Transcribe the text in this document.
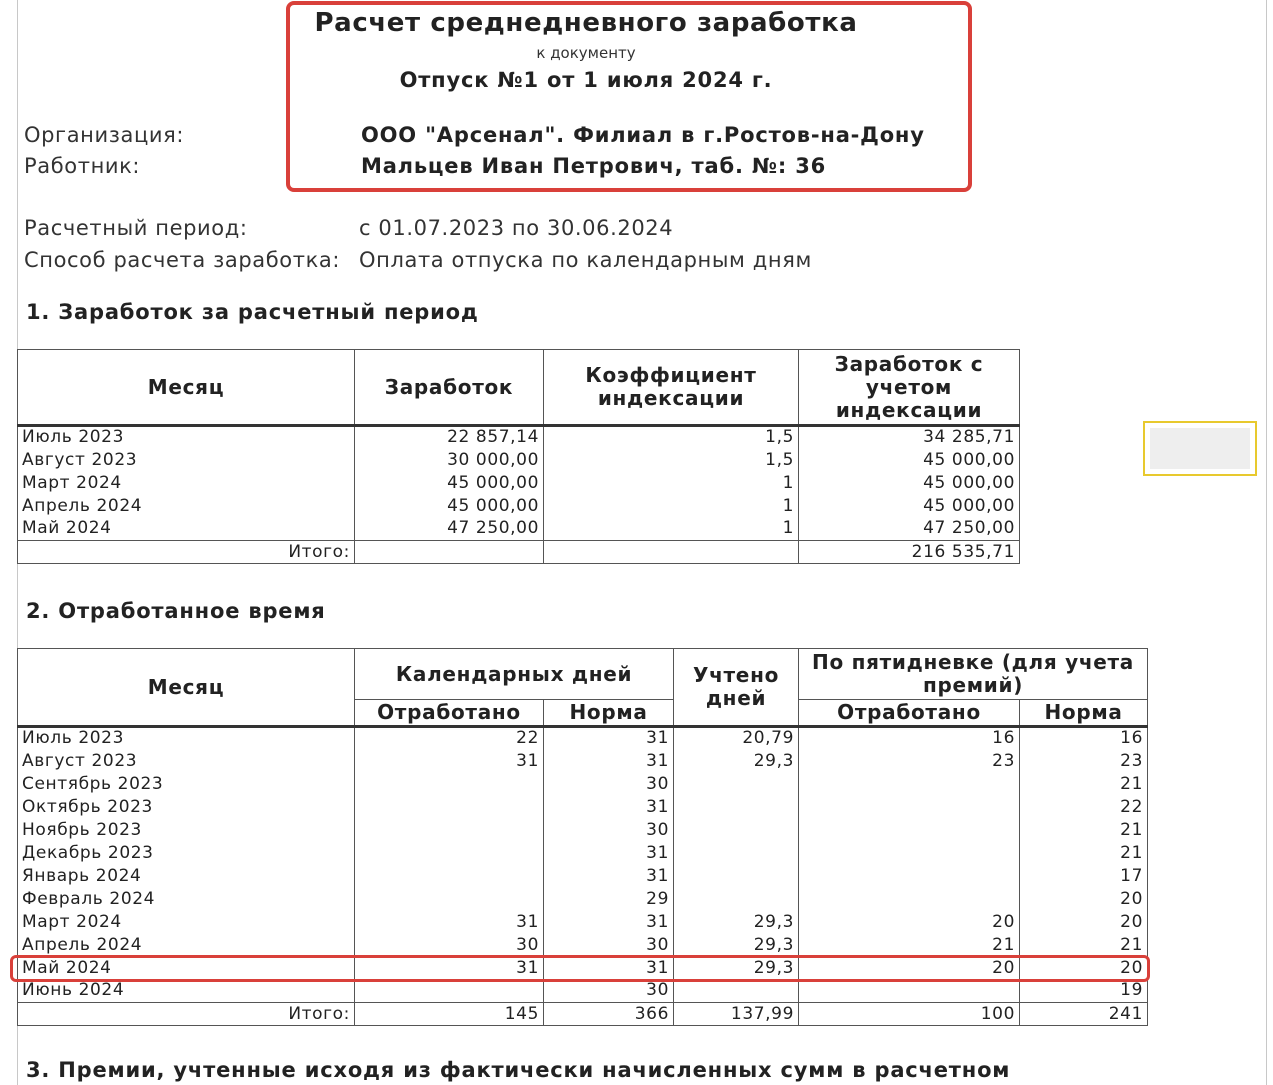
Расчет среднедневного заработка
к документу
Отпуск №1 от 1 июля 2024 г.
Организация:	ООО "Арсенал". Филиал в г.Ростов-на-Дону
Работник:	Мальцев Иван Петрович, таб. №: 36
Расчетный период:	с 01.07.2023 по 30.06.2024
Способ расчета заработка: Оплата отпуска по календарным дням
1. Заработок за расчетный период
Месяц	Заработок	Коэффициент индексации	Заработок с учетом индексации
Июль 2023	22 857,14	1,5	34 285,71
Август 2023	30 000,00	1,5	45 000,00
Март 2024	45 000,00	1	45 000,00
Апрель 2024	45 000,00	1	45 000,00
Май 2024	47 250,00	1	47 250,00
Итого:			216 535,71
2. Отработанное время
Месяц	Календарных дней		Учтено дней	По пятидневке (для учета премий)	
	Отработано	Норма		Отработано	Норма
Июль 2023	22	31	20,79	16	16
Август 2023	31	31	29,3	23	23
Сентябрь 2023		30			21
Октябрь 2023		31			22
Ноябрь 2023		30			21
Декабрь 2023		31			21
Январь 2024		31			17
Февраль 2024		29			20
Март 2024	31	31	29,3	20	20
Апрель 2024	30	30	29,3	21	21
Май 2024	31	31	29,3	20	20
Июнь 2024		30			19
Итого:	145	366	137,99	100	241
3. Премии, учтенные исходя из фактически начисленных сумм в расчетном
